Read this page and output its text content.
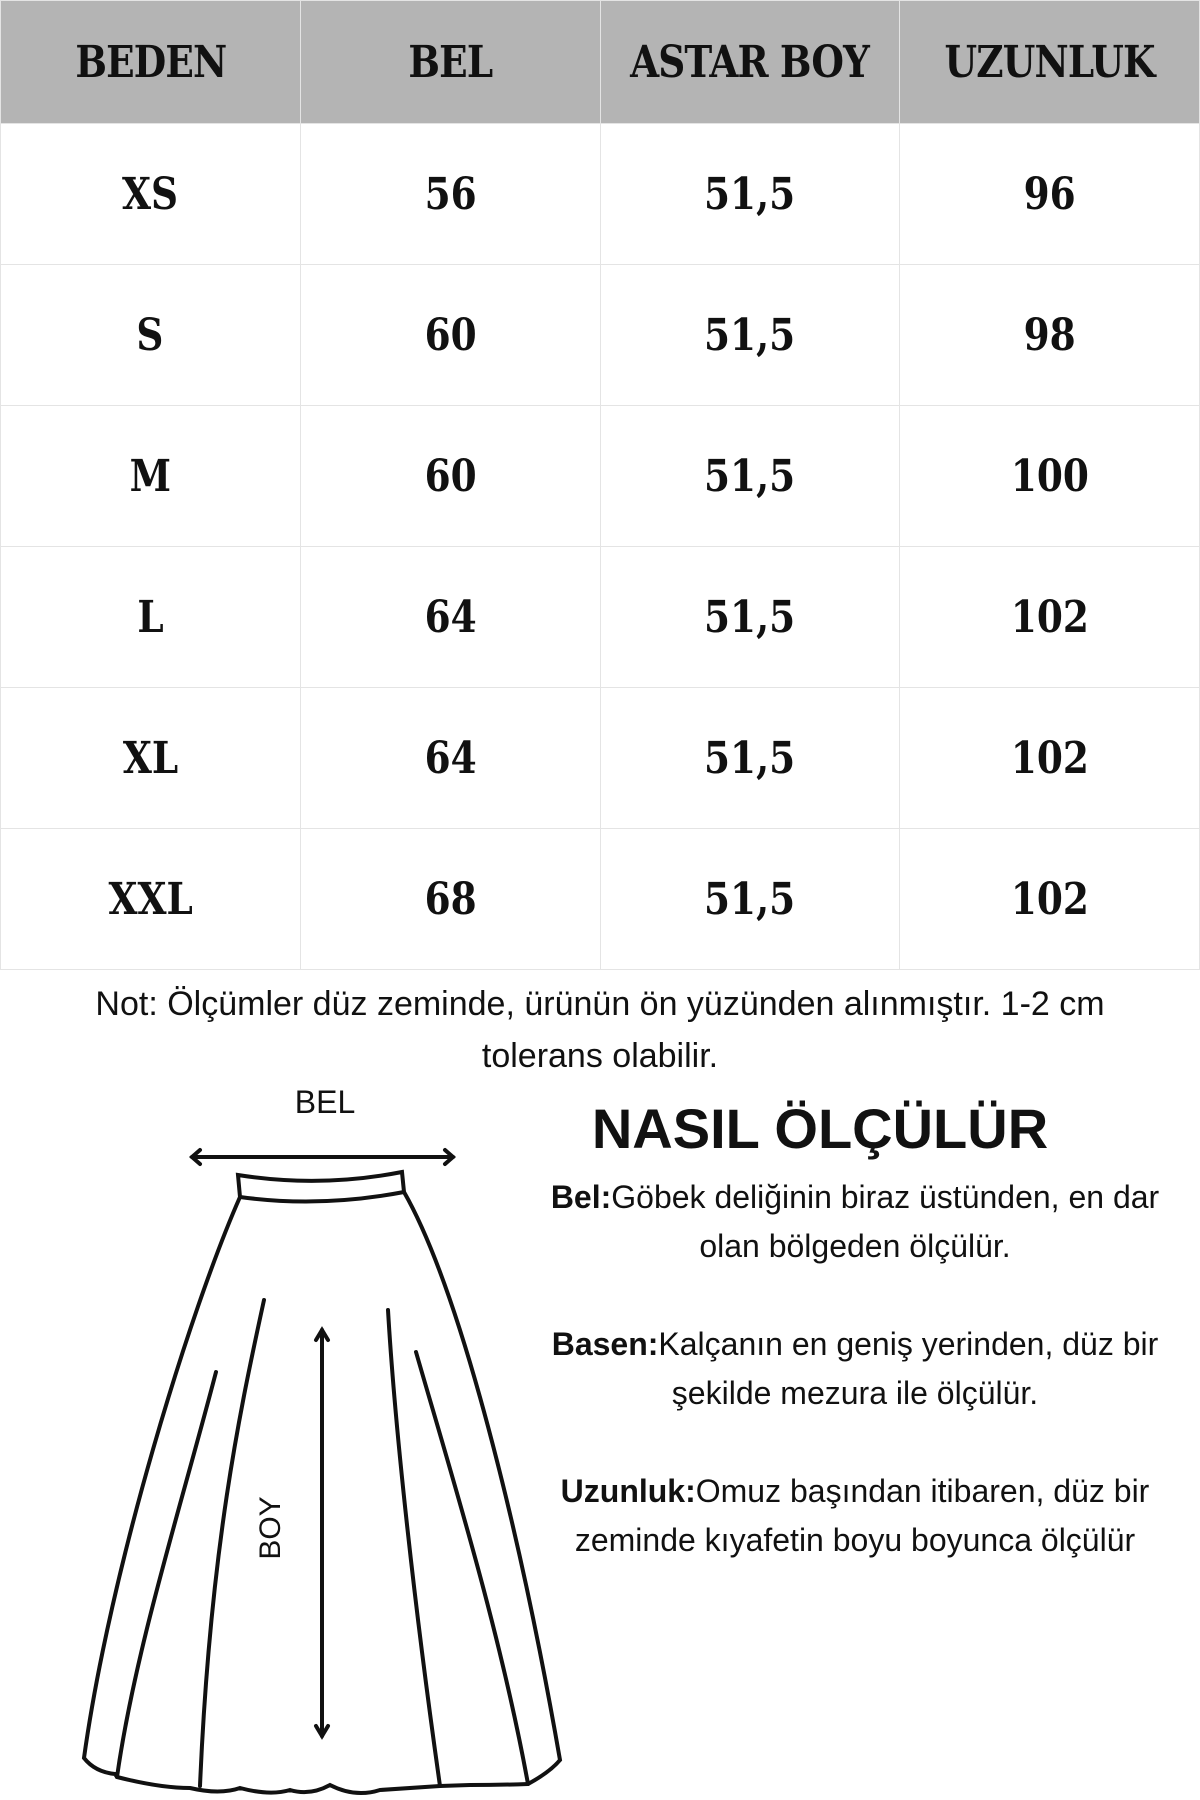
BEDEN	BEL	ASTAR BOY	UZUNLUK
XS	56	51,5	96
S	60	51,5	98
M	60	51,5	100
L	64	51,5	102
XL	64	51,5	102
XXL	68	51,5	102
Not: Ölçümler düz zeminde, ürünün ön yüzünden alınmıştır. 1-2 cm tolerans olabilir.
BEL
BOY
NASIL ÖLÇÜLÜR
Bel:Göbek deliğinin biraz üstünden, en dar olan bölgeden ölçülür.
Basen:Kalçanın en geniş yerinden, düz bir şekilde mezura ile ölçülür.
Uzunluk:Omuz başından itibaren, düz bir zeminde kıyafetin boyu boyunca ölçülür
